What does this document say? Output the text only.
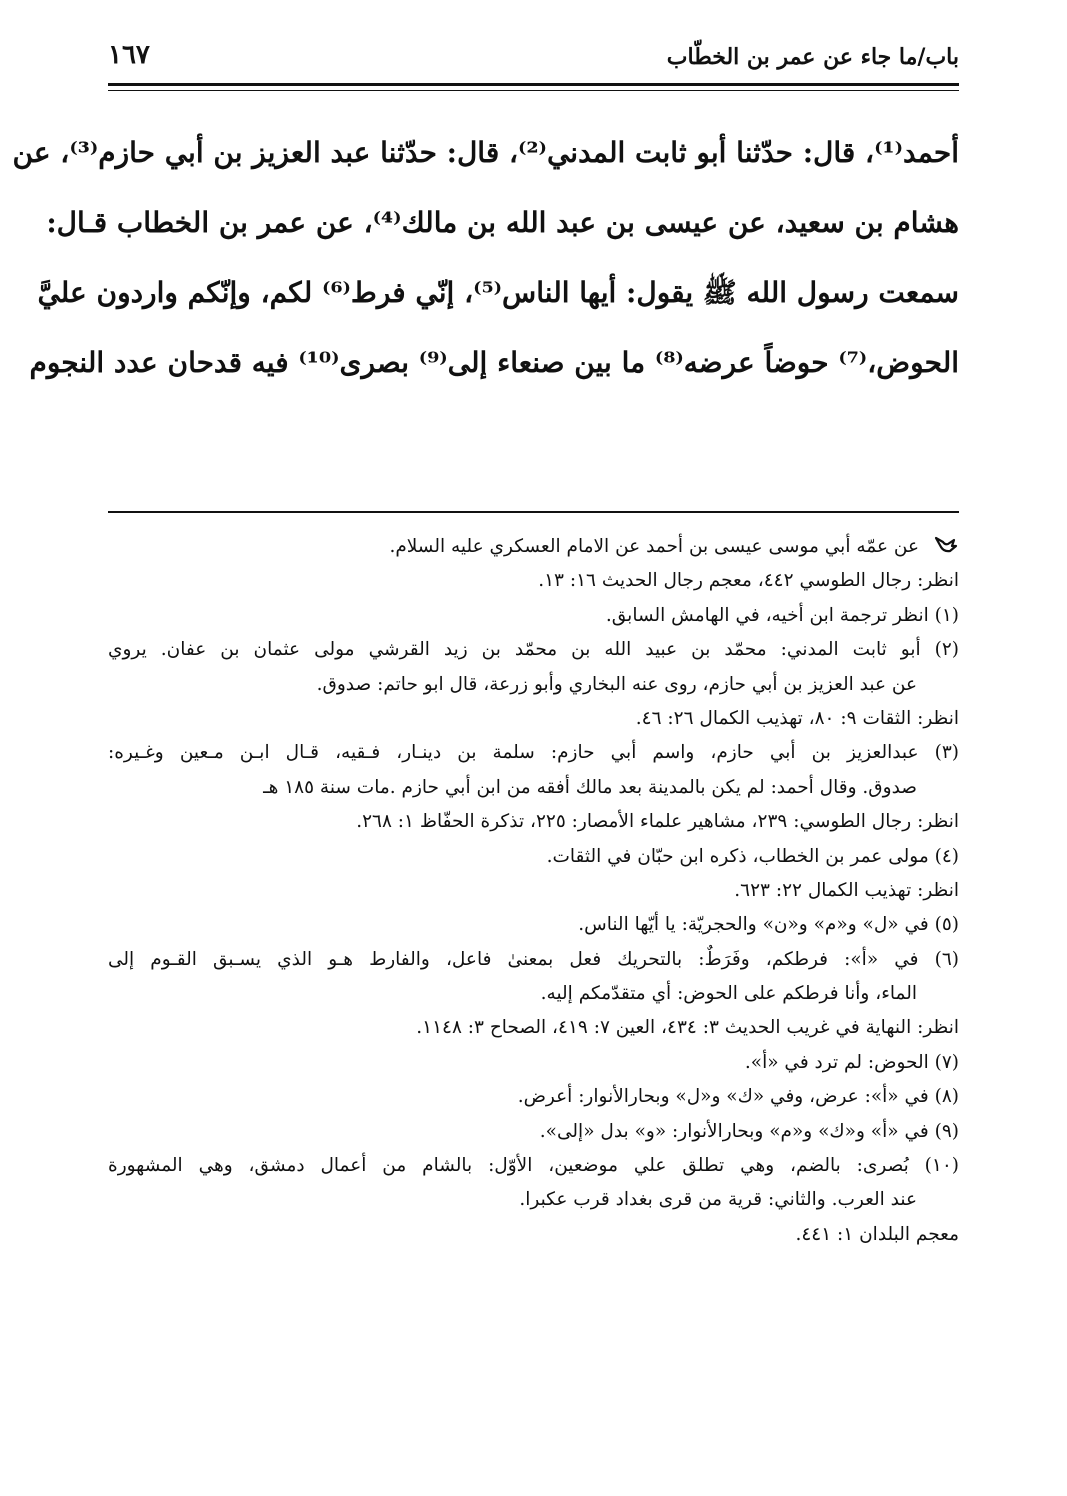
باب/ما جاء عن عمر بن الخطّاب
١٦٧
أحمد⁽¹⁾، قال: حدّثنا أبو ثابت المدني⁽²⁾، قال: حدّثنا عبد العزيز بن أبي حازم⁽³⁾، عن
هشام بن سعيد، عن عيسى بن عبد الله بن مالك⁽⁴⁾، عن عمر بن الخطاب قـال:
سمعت رسول الله ﷺ يقول: أيها الناس⁽⁵⁾، إنّي فرط⁽⁶⁾ لكم، وإنّكم واردون عليَّ
الحوض،⁽⁷⁾ حوضاً عرضه⁽⁸⁾ ما بين صنعاء إلى⁽⁹⁾ بصرى⁽¹⁰⁾ فيه قدحان عدد النجوم
عن عمّه أبي موسى عيسى بن أحمد عن الامام العسكري عليه السلام.
انظر: رجال الطوسي ٤٤٢، معجم رجال الحديث ١٦: ١٣.
(١) انظر ترجمة ابن أخيه، في الهامش السابق.
(٢) أبو ثابت المدني: محمّد بن عبيد الله بن محمّد بن زيد القرشي مولى عثمان بن عفان. يروي
عن عبد العزيز بن أبي حازم، روى عنه البخاري وأبو زرعة، قال ابو حاتم: صدوق.
انظر: الثقات ٩: ٨٠، تهذيب الكمال ٢٦: ٤٦.
(٣) عبدالعزيز بن أبي حازم، واسم أبي حازم: سلمة بن دينـار، فـقيه، قـال ابـن مـعين وغـيره:
صدوق. وقال أحمد: لم يكن بالمدينة بعد مالك أفقه من ابن أبي حازم .مات سنة ١٨٥ هـ
انظر: رجال الطوسي: ٢٣٩، مشاهير علماء الأمصار: ٢٢٥، تذكرة الحفّاظ ١: ٢٦٨.
(٤) مولى عمر بن الخطاب، ذكره ابن حبّان في الثقات.
انظر: تهذيب الكمال ٢٢: ٦٢٣.
(٥) في «ل» و«م» و«ن» والحجريّة: يا أيّها الناس.
(٦) في «أ»: فرطكم، وفَرَطٌ: بالتحريك فعل بمعنىٰ فاعل، والفارط هـو الذي يسـبق القـوم إلى
الماء، وأنا فرطكم على الحوض: أي متقدّمكم إليه.
انظر: النهاية في غريب الحديث ٣: ٤٣٤، العين ٧: ٤١٩، الصحاح ٣: ١١٤٨.
(٧) الحوض: لم ترد في «أ».
(٨) في «أ»: عرض، وفي «ك» و«ل» وبحارالأنوار: أعرض.
(٩) في «أ» و«ك» و«م» وبحارالأنوار: «و» بدل «إلى».
(١٠) بُصرى: بالضم، وهي تطلق علي موضعين، الأوّل: بالشام من أعمال دمشق، وهي المشهورة
عند العرب. والثاني: قرية من قرى بغداد قرب عكبرا.
معجم البلدان ١: ٤٤١.
